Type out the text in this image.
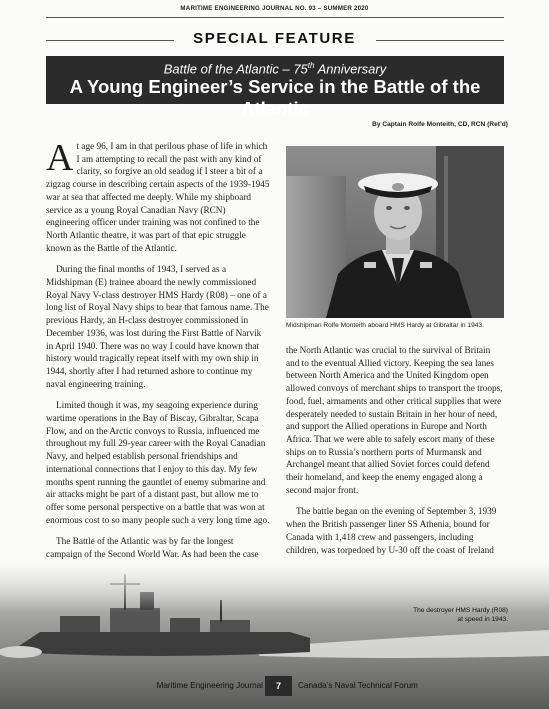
MARITIME ENGINEERING JOURNAL NO. 93 – SUMMER 2020
SPECIAL FEATURE
Battle of the Atlantic – 75th Anniversary
A Young Engineer’s Service in the Battle of the Atlantic
By Captain Rolfe Monteith, CD, RCN (Ret’d)

At age 96, I am in that perilous phase of life in which I am attempting to recall the past with any kind of clarity, so forgive an old seadog if I steer a bit of a zigzag course in describing certain aspects of the 1939-1945 war at sea that affected me deeply. While my shipboard service as a young Royal Canadian Navy (RCN) engineering officer under training was not confined to the North Atlantic theatre, it was part of that epic struggle known as the Battle of the Atlantic.

During the final months of 1943, I served as a Midshipman (E) trainee aboard the newly commissioned Royal Navy V-class destroyer HMS Hardy (R08) – one of a long list of Royal Navy ships to bear that famous name. The previous Hardy, an H-class destroyer commissioned in December 1936, was lost during the First Battle of Narvik in April 1940. There was no way I could have known that history would tragically repeat itself with my own ship in 1944, shortly after I had returned ashore to continue my naval engineering training.

Limited though it was, my seagoing experience during wartime operations in the Bay of Biscay, Gibraltar, Scapa Flow, and on the Arctic convoys to Russia, influenced me throughout my full 29-year career with the Royal Canadian Navy, and helped establish personal friendships and international connections that I enjoy to this day. My few months spent running the gauntlet of enemy submarine and air attacks might be part of a distant past, but allow me to offer some personal perspective on a battle that was won at enormous cost to so many people such a very long time ago.

The Battle of the Atlantic was by far the longest campaign of the Second World War. As had been the case

Midshipman Rolfe Monteith aboard HMS Hardy at Gibraltar in 1943.

the North Atlantic was crucial to the survival of Britain and to the eventual Allied victory. Keeping the sea lanes between North America and the United Kingdom open allowed convoys of merchant ships to transport the troops, food, fuel, armaments and other critical supplies that were desperately needed to sustain Britain in her hour of need, and support the Allied operations in Europe and North Africa. That we were able to safely escort many of these ships on to Russia’s northern ports of Murmansk and Archangel meant that allied Soviet forces could defend their homeland, and keep the enemy engaged along a second major front.

The battle began on the evening of September 3, 1939 when the British passenger liner SS Athenia, bound for Canada with 1,418 crew and passengers, including children, was torpedoed by U-30 off the coast of Ireland

The destroyer HMS Hardy (R08)
at speed in 1943.
Maritime Engineering Journal	7	Canada’s Naval Technical Forum
